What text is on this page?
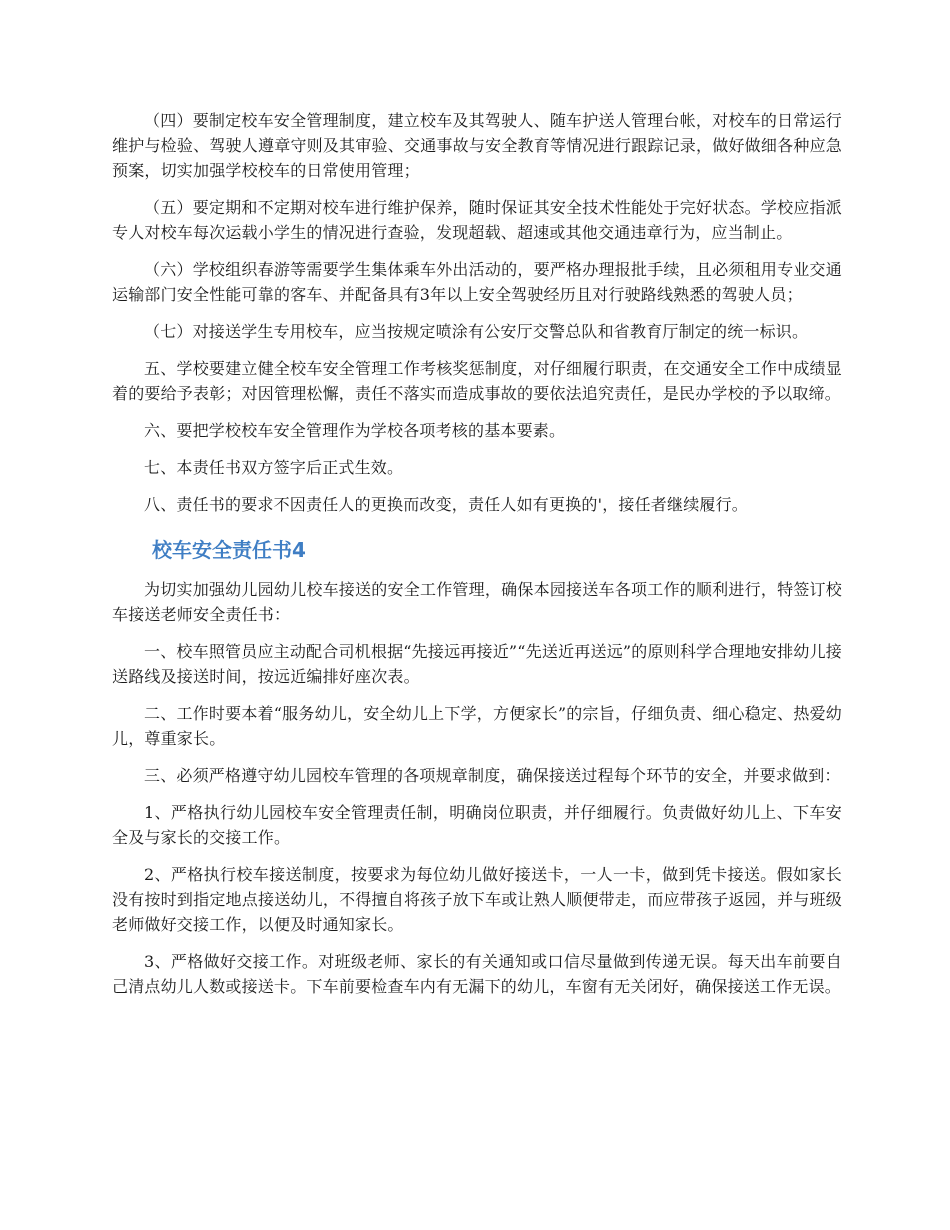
（四）要制定校车安全管理制度，建立校车及其驾驶人、随车护送人管理台帐，对校车的日常运行维护与检验、驾驶人遵章守则及其审验、交通事故与安全教育等情况进行跟踪记录，做好做细各种应急预案，切实加强学校校车的日常使用管理；

（五）要定期和不定期对校车进行维护保养，随时保证其安全技术性能处于完好状态。学校应指派专人对校车每次运载小学生的情况进行查验，发现超载、超速或其他交通违章行为，应当制止。

（六）学校组织春游等需要学生集体乘车外出活动的，要严格办理报批手续，且必须租用专业交通运输部门安全性能可靠的客车、并配备具有3年以上安全驾驶经历且对行驶路线熟悉的驾驶人员；

（七）对接送学生专用校车，应当按规定喷涂有公安厅交警总队和省教育厅制定的统一标识。

五、学校要建立健全校车安全管理工作考核奖惩制度，对仔细履行职责，在交通安全工作中成绩显着的要给予表彰；对因管理松懈，责任不落实而造成事故的要依法追究责任，是民办学校的予以取缔。

六、要把学校校车安全管理作为学校各项考核的基本要素。

七、本责任书双方签字后正式生效。

八、责任书的要求不因责任人的更换而改变，责任人如有更换的'，接任者继续履行。

校车安全责任书4

为切实加强幼儿园幼儿校车接送的安全工作管理，确保本园接送车各项工作的顺利进行，特签订校车接送老师安全责任书：

一、校车照管员应主动配合司机根据“先接远再接近”“先送近再送远”的原则科学合理地安排幼儿接送路线及接送时间，按远近编排好座次表。

二、工作时要本着“服务幼儿，安全幼儿上下学，方便家长”的宗旨，仔细负责、细心稳定、热爱幼儿，尊重家长。

三、必须严格遵守幼儿园校车管理的各项规章制度，确保接送过程每个环节的安全，并要求做到：

1、严格执行幼儿园校车安全管理责任制，明确岗位职责，并仔细履行。负责做好幼儿上、下车安全及与家长的交接工作。

2、严格执行校车接送制度，按要求为每位幼儿做好接送卡，一人一卡，做到凭卡接送。假如家长没有按时到指定地点接送幼儿，不得擅自将孩子放下车或让熟人顺便带走，而应带孩子返园，并与班级老师做好交接工作，以便及时通知家长。

3、严格做好交接工作。对班级老师、家长的有关通知或口信尽量做到传递无误。每天出车前要自己清点幼儿人数或接送卡。下车前要检查车内有无漏下的幼儿，车窗有无关闭好，确保接送工作无误。
